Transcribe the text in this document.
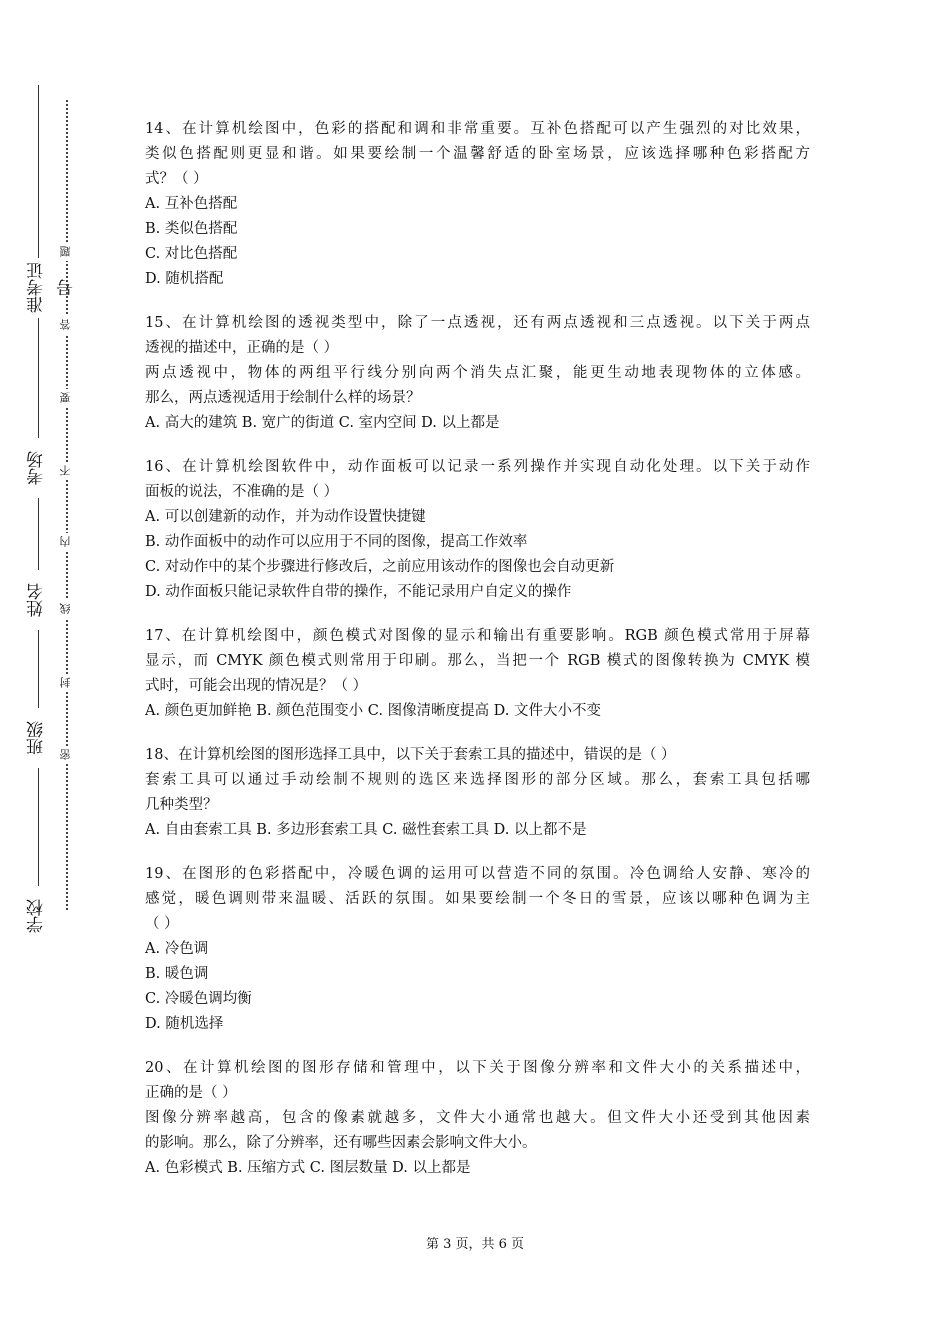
准考证号
考场
姓名
班级
学校
题
答
要
不
内
线
封
密
14、在计算机绘图中，色彩的搭配和调和非常重要。互补色搭配可以产生强烈的对比效果，
类似色搭配则更显和谐。如果要绘制一个温馨舒适的卧室场景，应该选择哪种色彩搭配方
式？（ ）
A. 互补色搭配
B. 类似色搭配
C. 对比色搭配
D. 随机搭配
15、在计算机绘图的透视类型中，除了一点透视，还有两点透视和三点透视。以下关于两点
透视的描述中，正确的是（ ）
两点透视中，物体的两组平行线分别向两个消失点汇聚，能更生动地表现物体的立体感。
那么，两点透视适用于绘制什么样的场景？
A. 高大的建筑 B. 宽广的街道 C. 室内空间 D. 以上都是
16、在计算机绘图软件中，动作面板可以记录一系列操作并实现自动化处理。以下关于动作
面板的说法，不准确的是（ ）
A. 可以创建新的动作，并为动作设置快捷键
B. 动作面板中的动作可以应用于不同的图像，提高工作效率
C. 对动作中的某个步骤进行修改后，之前应用该动作的图像也会自动更新
D. 动作面板只能记录软件自带的操作，不能记录用户自定义的操作
17、在计算机绘图中，颜色模式对图像的显示和输出有重要影响。RGB 颜色模式常用于屏幕
显示，而 CMYK 颜色模式则常用于印刷。那么，当把一个 RGB 模式的图像转换为 CMYK 模
式时，可能会出现的情况是？（ ）
A. 颜色更加鲜艳 B. 颜色范围变小 C. 图像清晰度提高 D. 文件大小不变
18、在计算机绘图的图形选择工具中，以下关于套索工具的描述中，错误的是（ ）
套索工具可以通过手动绘制不规则的选区来选择图形的部分区域。那么，套索工具包括哪
几种类型？
A. 自由套索工具 B. 多边形套索工具 C. 磁性套索工具 D. 以上都不是
19、在图形的色彩搭配中，冷暖色调的运用可以营造不同的氛围。冷色调给人安静、寒冷的
感觉，暖色调则带来温暖、活跃的氛围。如果要绘制一个冬日的雪景，应该以哪种色调为主
（ ）
A. 冷色调
B. 暖色调
C. 冷暖色调均衡
D. 随机选择
20、在计算机绘图的图形存储和管理中，以下关于图像分辨率和文件大小的关系描述中，
正确的是（ ）
图像分辨率越高，包含的像素就越多，文件大小通常也越大。但文件大小还受到其他因素
的影响。那么，除了分辨率，还有哪些因素会影响文件大小。
A. 色彩模式 B. 压缩方式 C. 图层数量 D. 以上都是
第 3 页，共 6 页
